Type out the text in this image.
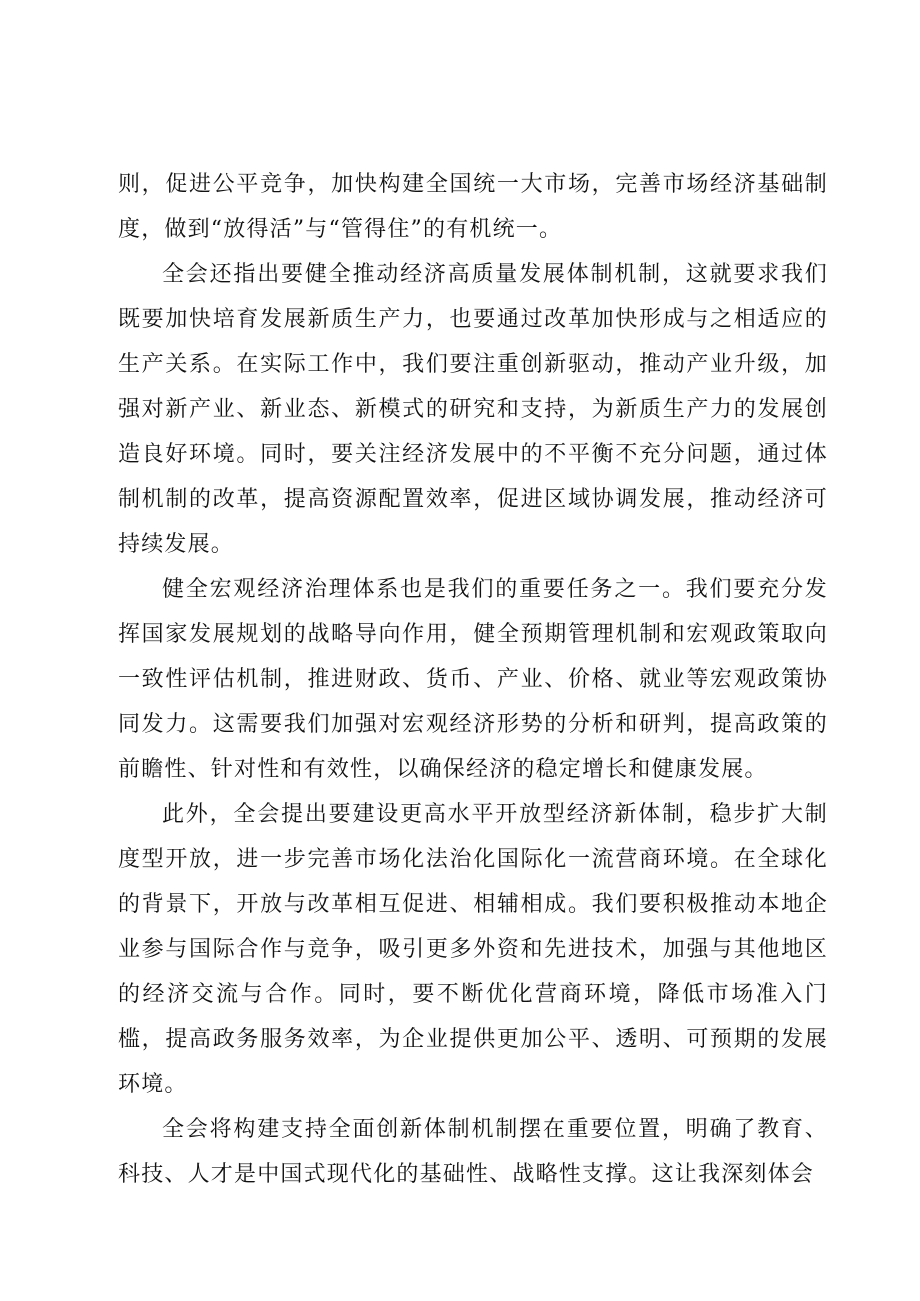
则，促进公平竞争，加快构建全国统一大市场，完善市场经济基础制度，做到“放得活”与“管得住”的有机统一。

全会还指出要健全推动经济高质量发展体制机制，这就要求我们既要加快培育发展新质生产力，也要通过改革加快形成与之相适应的生产关系。在实际工作中，我们要注重创新驱动，推动产业升级，加强对新产业、新业态、新模式的研究和支持，为新质生产力的发展创造良好环境。同时，要关注经济发展中的不平衡不充分问题，通过体制机制的改革，提高资源配置效率，促进区域协调发展，推动经济可持续发展。

健全宏观经济治理体系也是我们的重要任务之一。我们要充分发挥国家发展规划的战略导向作用，健全预期管理机制和宏观政策取向一致性评估机制，推进财政、货币、产业、价格、就业等宏观政策协同发力。这需要我们加强对宏观经济形势的分析和研判，提高政策的前瞻性、针对性和有效性，以确保经济的稳定增长和健康发展。

此外，全会提出要建设更高水平开放型经济新体制，稳步扩大制度型开放，进一步完善市场化法治化国际化一流营商环境。在全球化的背景下，开放与改革相互促进、相辅相成。我们要积极推动本地企业参与国际合作与竞争，吸引更多外资和先进技术，加强与其他地区的经济交流与合作。同时，要不断优化营商环境，降低市场准入门槛，提高政务服务效率，为企业提供更加公平、透明、可预期的发展环境。

全会将构建支持全面创新体制机制摆在重要位置，明确了教育、科技、人才是中国式现代化的基础性、战略性支撑。这让我深刻体会
